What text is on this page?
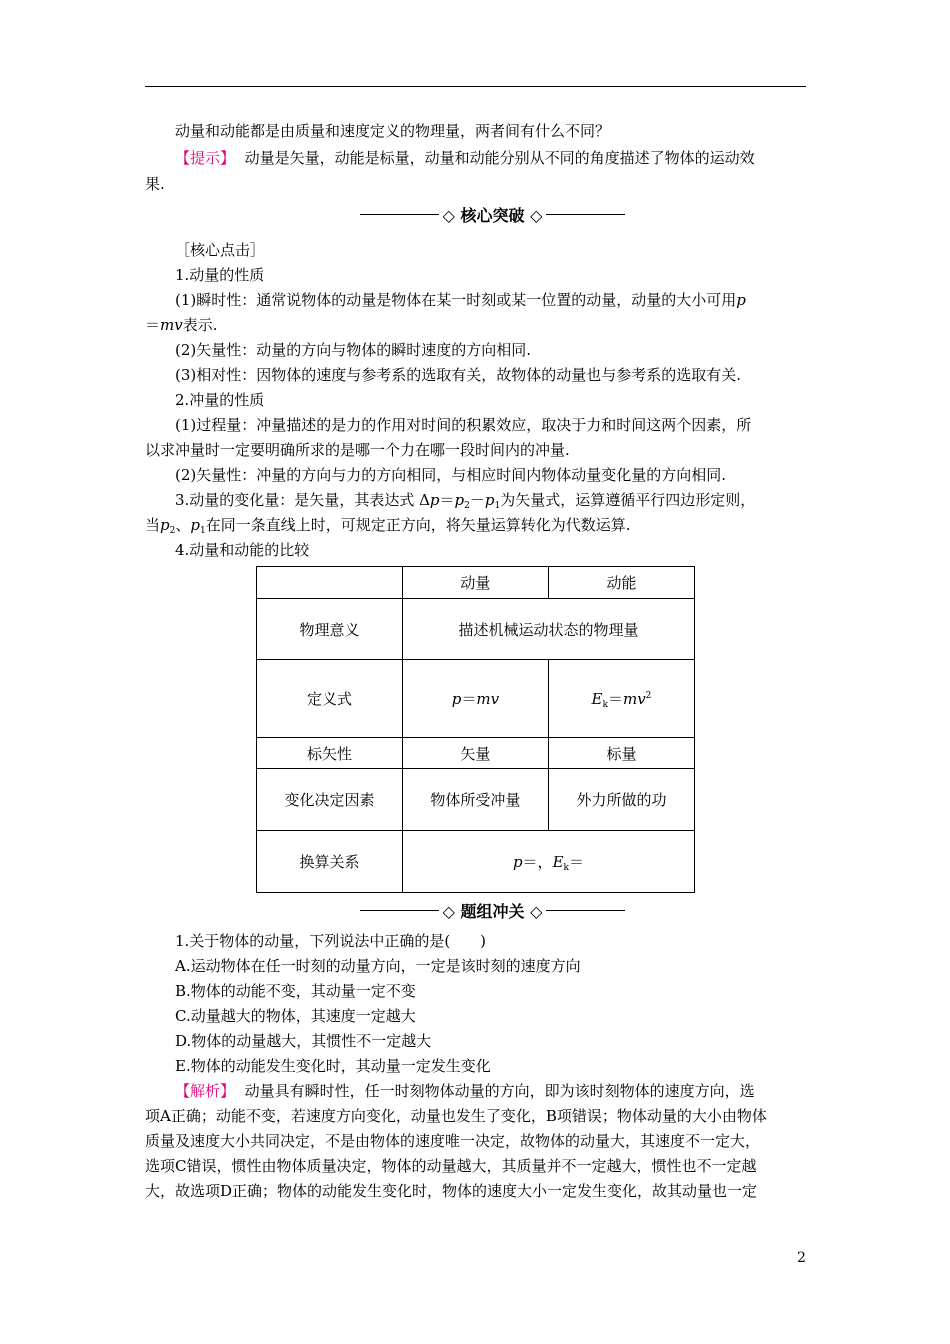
动量和动能都是由质量和速度定义的物理量，两者间有什么不同？
【提示】 动量是矢量，动能是标量，动量和动能分别从不同的角度描述了物体的运动效
果.
◇ 核心突破 ◇
［核心点击］
1.动量的性质
(1)瞬时性：通常说物体的动量是物体在某一时刻或某一位置的动量，动量的大小可用p
＝mv表示.
(2)矢量性：动量的方向与物体的瞬时速度的方向相同.
(3)相对性：因物体的速度与参考系的选取有关，故物体的动量也与参考系的选取有关.
2.冲量的性质
(1)过程量：冲量描述的是力的作用对时间的积累效应，取决于力和时间这两个因素，所
以求冲量时一定要明确所求的是哪一个力在哪一段时间内的冲量.
(2)矢量性：冲量的方向与力的方向相同，与相应时间内物体动量变化量的方向相同.
3.动量的变化量：是矢量，其表达式 $\Delta p=p_2-p_1$为矢量式，运算遵循平行四边形定则，
当$p_2$、$p_1$在同一条直线上时，可规定正方向，将矢量运算转化为代数运算.
4.动量和动能的比较
	动量	动能
物理意义	描述机械运动状态的物理量	
定义式	p＝mv	$E_k=mv^2$
标矢性	矢量	标量
变化决定因素	物体所受冲量	外力所做的功
换算关系	p＝，$E_k=$	
◇ 题组冲关 ◇
1.关于物体的动量，下列说法中正确的是(　　)
A.运动物体在任一时刻的动量方向，一定是该时刻的速度方向
B.物体的动能不变，其动量一定不变
C.动量越大的物体，其速度一定越大
D.物体的动量越大，其惯性不一定越大
E.物体的动能发生变化时，其动量一定发生变化
【解析】 动量具有瞬时性，任一时刻物体动量的方向，即为该时刻物体的速度方向，选
项A正确；动能不变，若速度方向变化，动量也发生了变化，B项错误；物体动量的大小由物体
质量及速度大小共同决定，不是由物体的速度唯一决定，故物体的动量大，其速度不一定大，
选项C错误，惯性由物体质量决定，物体的动量越大，其质量并不一定越大，惯性也不一定越
大，故选项D正确；物体的动能发生变化时，物体的速度大小一定发生变化，故其动量也一定
2
